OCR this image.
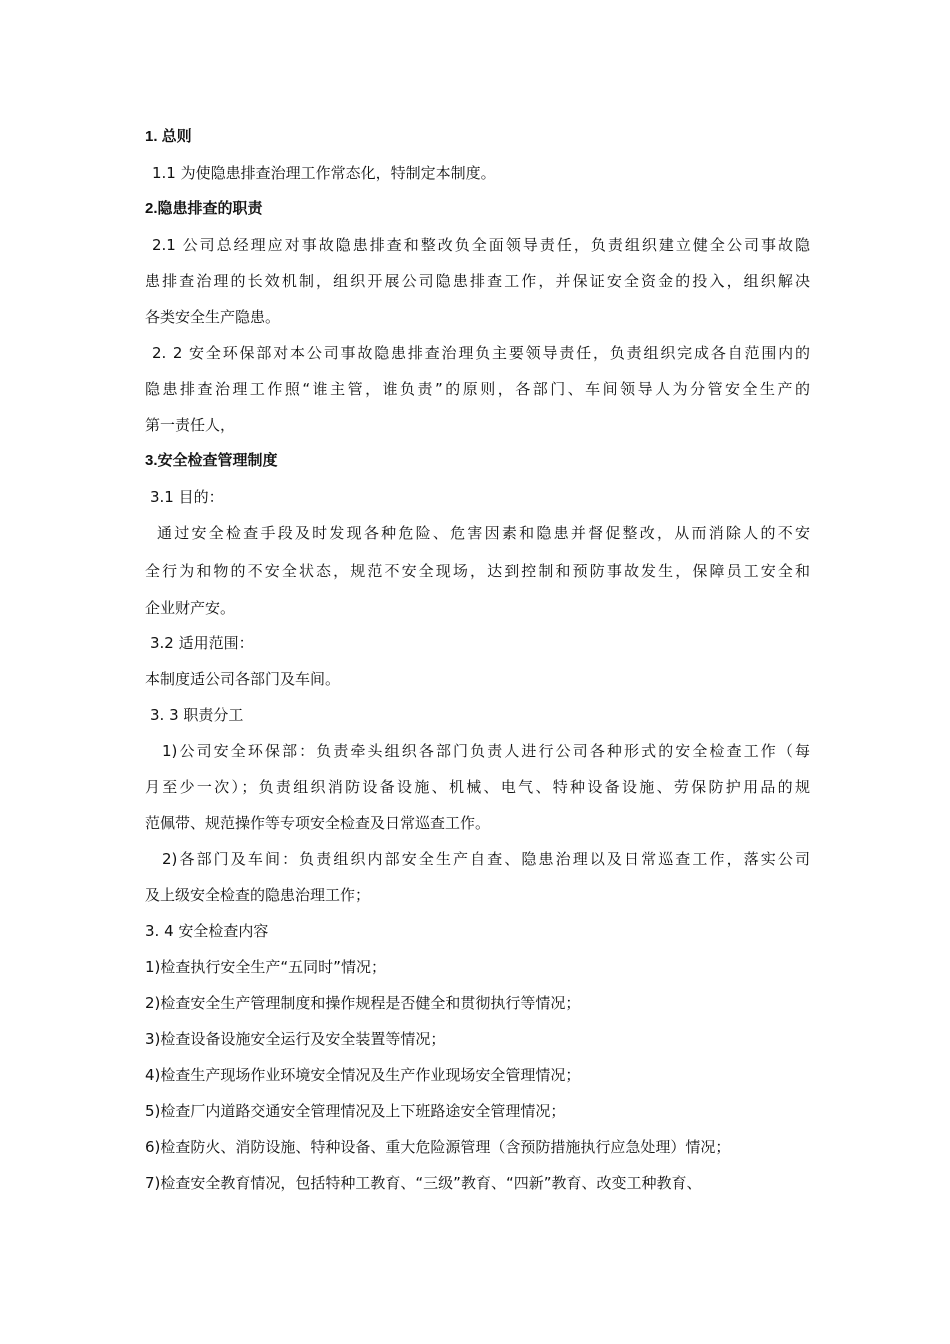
1. 总则
1.1 为使隐患排查治理工作常态化，特制定本制度。
2.隐患排查的职责
2.1 公司总经理应对事故隐患排查和整改负全面领导责任，负责组织建立健全公司事故隐
患排查治理的长效机制，组织开展公司隐患排查工作，并保证安全资金的投入，组织解决
各类安全生产隐患。
2. 2 安全环保部对本公司事故隐患排查治理负主要领导责任，负责组织完成各自范围内的
隐患排查治理工作照“谁主管，谁负责”的原则，各部门、车间领导人为分管安全生产的
第一责任人，
3.安全检查管理制度
3.1 目的：
通过安全检查手段及时发现各种危险、危害因素和隐患并督促整改，从而消除人的不安
全行为和物的不安全状态，规范不安全现场，达到控制和预防事故发生，保障员工安全和
企业财产安。
3.2 适用范围：
本制度适公司各部门及车间。
3. 3 职责分工
1)公司安全环保部：负责牵头组织各部门负责人进行公司各种形式的安全检查工作（每
月至少一次）；负责组织消防设备设施、机械、电气、特种设备设施、劳保防护用品的规
范佩带、规范操作等专项安全检查及日常巡查工作。
2)各部门及车间：负责组织内部安全生产自查、隐患治理以及日常巡查工作，落实公司
及上级安全检查的隐患治理工作；
3. 4 安全检查内容
1)检查执行安全生产“五同时”情况；
2)检查安全生产管理制度和操作规程是否健全和贯彻执行等情况；
3)检查设备设施安全运行及安全装置等情况；
4)检查生产现场作业环境安全情况及生产作业现场安全管理情况；
5)检查厂内道路交通安全管理情况及上下班路途安全管理情况；
6)检查防火、消防设施、特种设备、重大危险源管理（含预防措施执行应急处理）情况；
7)检查安全教育情况，包括特种工教育、“三级”教育、“四新”教育、改变工种教育、
